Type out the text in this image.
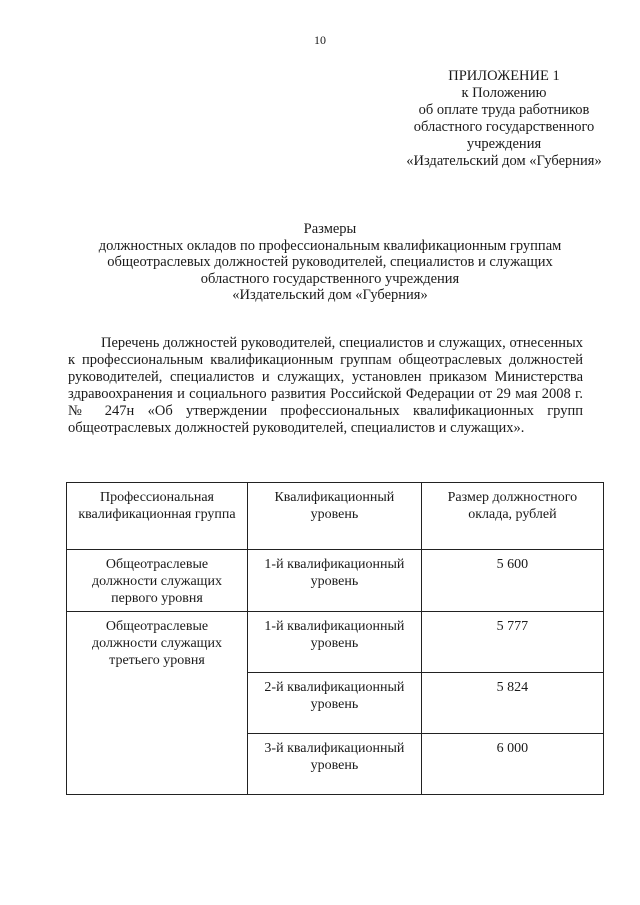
10
ПРИЛОЖЕНИЕ 1
к Положению
об оплате труда работников
областного государственного
учреждения
«Издательский дом «Губерния»
Размеры
должностных окладов по профессиональным квалификационным группам
общеотраслевых должностей руководителей, специалистов и служащих
областного государственного учреждения
«Издательский дом «Губерния»
Перечень должностей руководителей, специалистов и служащих, отнесенных к профессиональным квалификационным группам общеотраслевых должностей руководителей, специалистов и служащих, установлен приказом Министерства здравоохранения и социального развития Российской Федерации от 29 мая 2008 г. № 247н «Об утверждении профессиональных квалификационных групп общеотраслевых должностей руководителей, специалистов и служащих».
Профессиональная квалификационная группа	Квалификационный уровень	Размер должностного оклада, рублей
Общеотраслевые должности служащих первого уровня	1-й квалификационный уровень	5 600
Общеотраслевые должности служащих третьего уровня	1-й квалификационный уровень	5 777
	2-й квалификационный уровень	5 824
	3-й квалификационный уровень	6 000
